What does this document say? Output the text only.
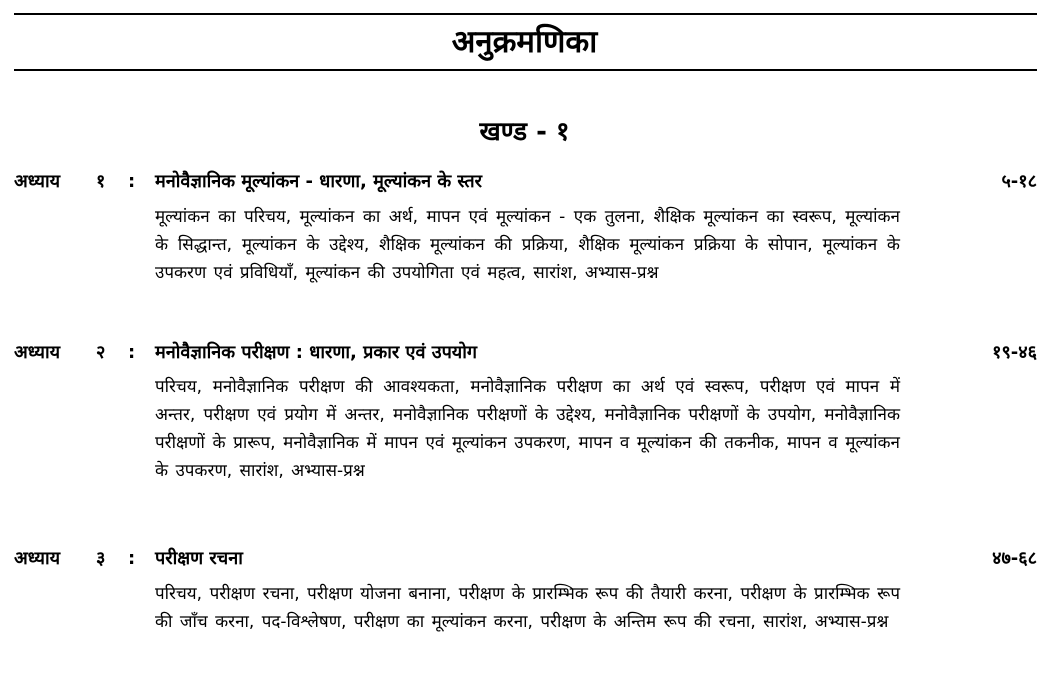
अनुक्रमणिका
खण्ड - १
अध्याय १ : मनोवैज्ञानिक मूल्यांकन - धारणा, मूल्यांकन के स्तर	५-१८
मूल्यांकन का परिचय, मूल्यांकन का अर्थ, मापन एवं मूल्यांकन - एक तुलना, शैक्षिक मूल्यांकन का स्वरूप, मूल्यांकन के सिद्धान्त, मूल्यांकन के उद्देश्य, शैक्षिक मूल्यांकन की प्रक्रिया, शैक्षिक मूल्यांकन प्रक्रिया के सोपान, मूल्यांकन के उपकरण एवं प्रविधियाँ, मूल्यांकन की उपयोगिता एवं महत्व, सारांश, अभ्यास-प्रश्न
अध्याय २ : मनोवैज्ञानिक परीक्षण : धारणा, प्रकार एवं उपयोग	१९-४६
परिचय, मनोवैज्ञानिक परीक्षण की आवश्यकता, मनोवैज्ञानिक परीक्षण का अर्थ एवं स्वरूप, परीक्षण एवं मापन में अन्तर, परीक्षण एवं प्रयोग में अन्तर, मनोवैज्ञानिक परीक्षणों के उद्देश्य, मनोवैज्ञानिक परीक्षणों के उपयोग, मनोवैज्ञानिक परीक्षणों के प्रारूप, मनोवैज्ञानिक में मापन एवं मूल्यांकन उपकरण, मापन व मूल्यांकन की तकनीक, मापन व मूल्यांकन के उपकरण, सारांश, अभ्यास-प्रश्न
अध्याय ३ : परीक्षण रचना	४७-६८
परिचय, परीक्षण रचना, परीक्षण योजना बनाना, परीक्षण के प्रारम्भिक रूप की तैयारी करना, परीक्षण के प्रारम्भिक रूप की जाँच करना, पद-विश्लेषण, परीक्षण का मूल्यांकन करना, परीक्षण के अन्तिम रूप की रचना, सारांश, अभ्यास-प्रश्न
